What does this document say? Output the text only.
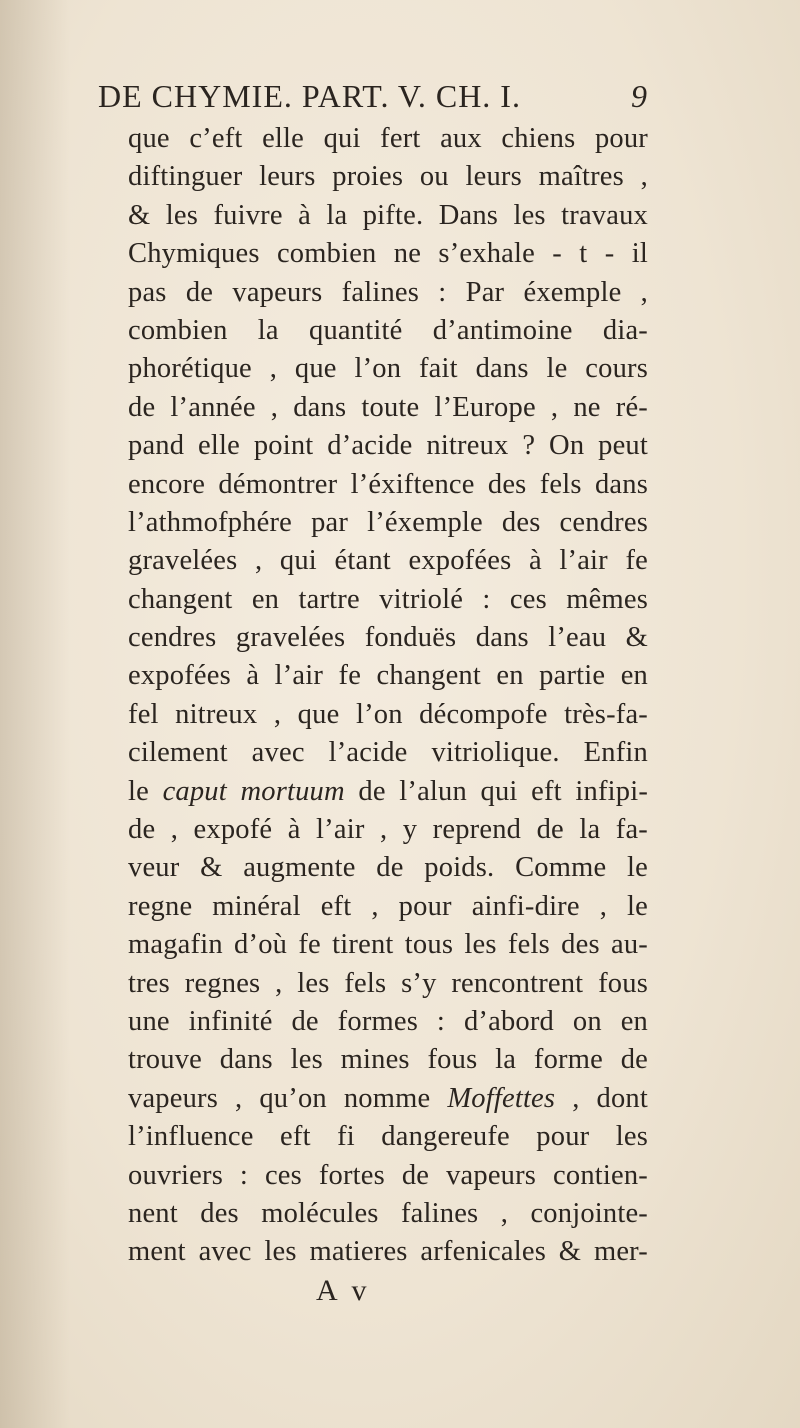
DE CHYMIE. PART. V. CH. I.	9
que c’eft elle qui fert aux chiens pour
diftinguer leurs proies ou leurs maîtres ,
& les fuivre à la pifte. Dans les travaux
Chymiques combien ne s’exhale - t - il
pas de vapeurs falines : Par éxemple ,
combien la quantité d’antimoine dia-
phorétique , que l’on fait dans le cours
de l’année , dans toute l’Europe , ne ré-
pand elle point d’acide nitreux ? On peut
encore démontrer l’éxiftence des fels dans
l’athmofphére par l’éxemple des cendres
gravelées , qui étant expofées à l’air fe
changent en tartre vitriolé : ces mêmes
cendres gravelées fonduës dans l’eau &
expofées à l’air fe changent en partie en
fel nitreux , que l’on décompofe très-fa-
cilement avec l’acide vitriolique. Enfin
le caput mortuum de l’alun qui eft infipi-
de , expofé à l’air , y reprend de la fa-
veur & augmente de poids. Comme le
regne minéral eft , pour ainfi-dire , le
magafin d’où fe tirent tous les fels des au-
tres regnes , les fels s’y rencontrent fous
une infinité de formes : d’abord on en
trouve dans les mines fous la forme de
vapeurs , qu’on nomme Moffettes , dont
l’influence eft fi dangereufe pour les
ouvriers : ces fortes de vapeurs contien-
nent des molécules falines , conjointe-
ment avec les matieres arfenicales & mer-
A v
